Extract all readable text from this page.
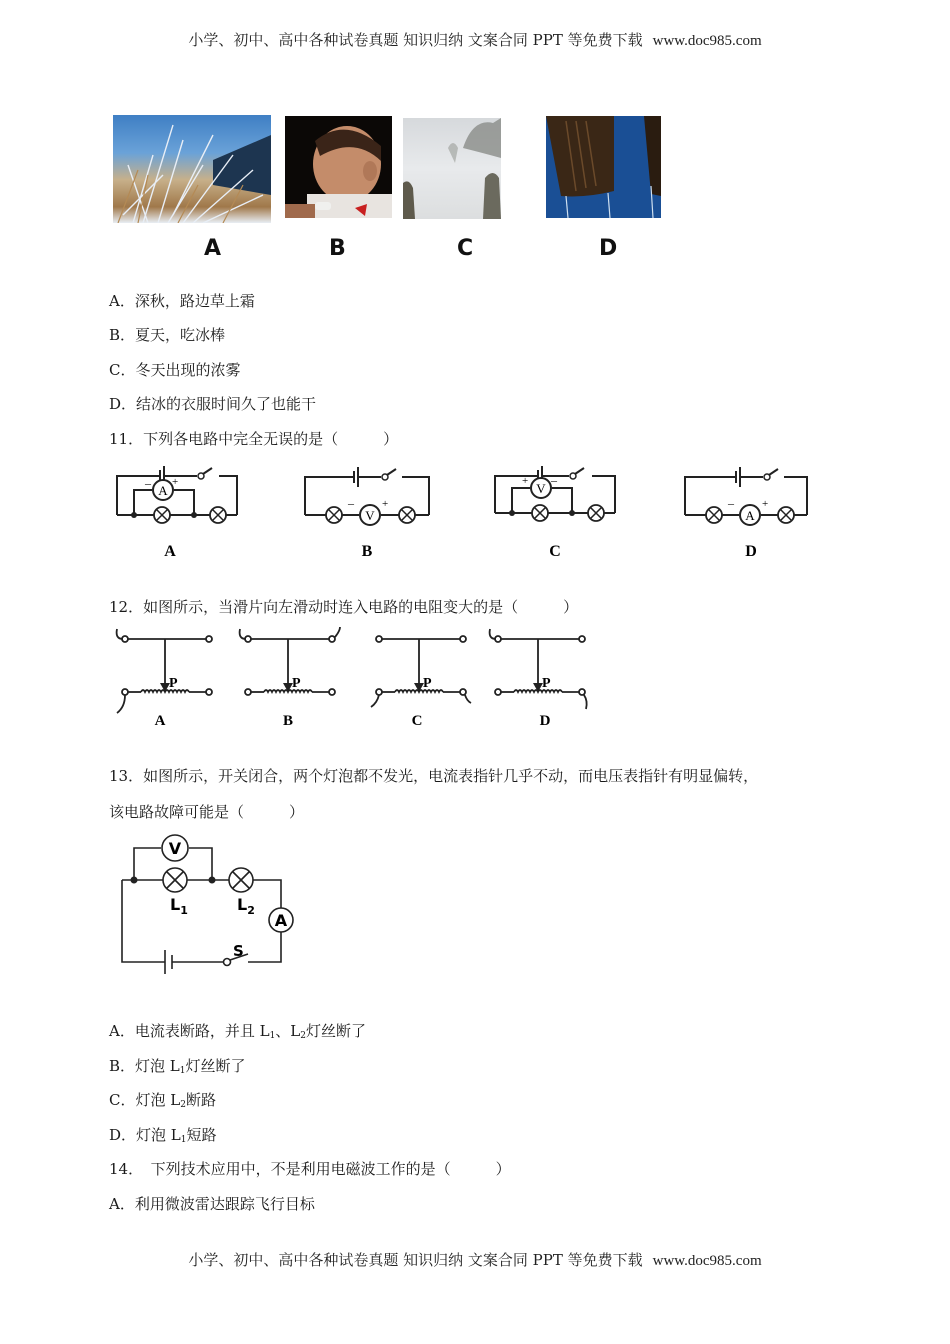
小学、初中、高中各种试卷真题 知识归纳 文案合同 PPT 等免费下载 www.doc985.com
A	B	C	D
A．深秋，路边草上霜
B．夏天，吃冰棒
C．冬天出现的浓雾
D．结冰的衣服时间久了也能干
11．下列各电路中完全无误的是（　　　）
A
– +
A
V
–	+
B
V
+ –
C
A
–	+
D
12．如图所示，当滑片向左滑动时连入电路的电阻变大的是（　　　）
P
A
P
B
P
C
P
D
13．如图所示，开关闭合，两个灯泡都不发光，电流表指针几乎不动，而电压表指针有明显偏转，
该电路故障可能是（　　　）
V
A
$L_1$	$L_2$
S
A．电流表断路，并且 $L_1$、$L_2$灯丝断了
B．灯泡 $L_1$灯丝断了
C．灯泡 $L_2$断路
D．灯泡 $L_1$短路
14．　下列技术应用中，不是利用电磁波工作的是（　　　）
A．利用微波雷达跟踪飞行目标
小学、初中、高中各种试卷真题 知识归纳 文案合同 PPT 等免费下载 www.doc985.com
